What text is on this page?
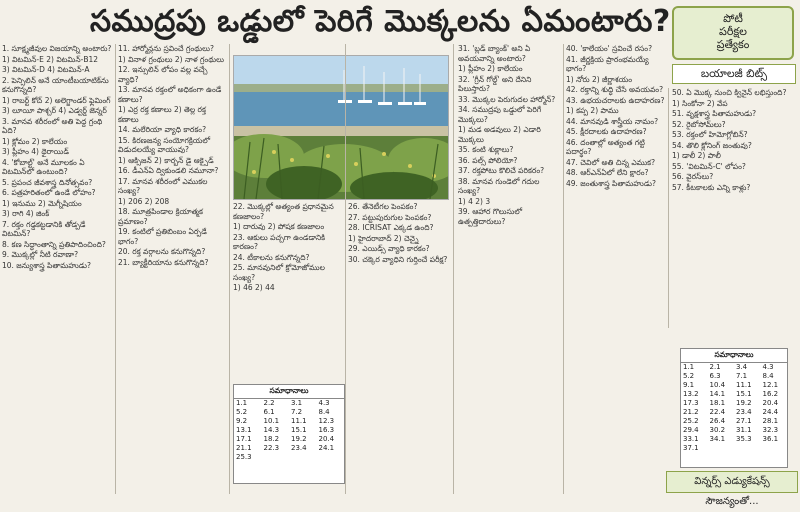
సముద్రపు ఒడ్డులో పెరిగే మొక్కలను ఏమంటారు?	పోటీ
పరీక్షల
ప్రత్యేకం
బయాలజీ బిట్స్

1. సూక్ష్మజీవుల విజయాన్ని అంటారు?

1) విటమిన్-E 2) విటమిన్-B12

3) విటమిన్-D 4) విటమిన్-A

2. పెన్సిలిన్ అనే యాంటీబయాటిక్‌ను కనుగొన్నది?

1) రాబర్ట్ కోచ్ 2) అలెగ్జాండర్ ఫ్లెమింగ్

3) లూయీ పాశ్చర్ 4) ఎడ్వర్డ్ జెన్నర్

3. మానవ శరీరంలో అతి పెద్ద గ్రంథి ఏది?

1) క్లోమం 2) కాలేయం

3) ప్లీహం 4) థైరాయిడ్

4. 'కోబాల్ట్' అనే మూలకం ఏ విటమిన్‌లో ఉంటుంది?

5. ప్రపంచ జీవశాస్త్ర దినోత్సవం?

6. పత్రహరితంలో ఉండే లోహం?

1) ఇనుము 2) మెగ్నీషియం

3) రాగి 4) జింక్

7. రక్తం గడ్డకట్టడానికి తోడ్పడే విటమిన్?

8. కణ సిద్ధాంతాన్ని ప్రతిపాదించింది?

9. మొక్కల్లో నీటి రవాణా?

10. జన్యుశాస్త్ర పితామహుడు?

11. హార్మోన్లను స్రవించే గ్రంథులు?

1) వినాళ గ్రంథులు 2) నాళ గ్రంథులు

12. ఇన్సులిన్ లోపం వల్ల వచ్చే వ్యాధి?

13. మానవ రక్తంలో అధికంగా ఉండే కణాలు?

1) ఎర్ర రక్త కణాలు 2) తెల్ల రక్త కణాలు

14. మలేరియా వ్యాధి కారకం?

15. కిరణజన్య సంయోగక్రియలో విడుదలయ్యే వాయువు?

1) ఆక్సిజన్ 2) కార్బన్ డై ఆక్సైడ్

16. డీఎన్ఏ ద్వికుండలి నమూనా?

17. మానవ శరీరంలో ఎముకల సంఖ్య?

1) 206 2) 208

18. మూత్రపిండాల క్రియాత్మక ప్రమాణం?

19. కంటిలో ప్రతిబింబం ఏర్పడే భాగం?

20. రక్త వర్గాలను కనుగొన్నది?

21. బ్యాక్టీరియాను కనుగొన్నది?

22. మొక్కల్లో అత్యంత ప్రధానమైన కణజాలం?

1) దారువు 2) పోషక కణజాలం

23. ఆకులు పచ్చగా ఉండడానికి కారణం?

24. టీకాలను కనుగొన్నది?

25. మానవునిలో క్రోమోజోముల సంఖ్య?

1) 46 2) 44

31. 'బ్లడ్ బ్యాంక్' అని ఏ అవయవాన్ని అంటారు?

1) ప్లీహం 2) కాలేయం

32. 'గ్రీన్ గోల్డ్' అని దేనిని పిలుస్తారు?

33. మొక్కల పెరుగుదల హార్మోన్?

34. సముద్రపు ఒడ్డులో పెరిగే మొక్కలు?

1) మడ అడవులు 2) ఎడారి మొక్కలు

35. కంటి శుక్లాలు?

36. పల్స్ పోలియో?

37. రక్తపోటు కొలిచే పరికరం?

38. మానవ గుండెలో గదుల సంఖ్య?

1) 4 2) 3

39. ఆహార గొలుసులో ఉత్పత్తిదారులు?

40. 'కాలేయం' స్రవించే రసం?

41. జీర్ణక్రియ ప్రారంభమయ్యే భాగం?

1) నోరు 2) జీర్ణాశయం

42. రక్తాన్ని శుద్ధి చేసే అవయవం?

43. ఉభయచరాలకు ఉదాహరణ?

1) కప్ప 2) పాము

44. మానవుడి శాస్త్రీయ నామం?

45. క్షీరదాలకు ఉదాహరణ?

46. దంతాల్లో అత్యంత గట్టి పదార్థం?

47. చెవిలో అతి చిన్న ఎముక?

48. ఆర్ఎన్ఏలో లేని క్షారం?

49. జంతుశాస్త్ర పితామహుడు?

50. ఏ మొక్క నుంచి క్వినైన్ లభిస్తుంది?

1) సింకోనా 2) వేప

51. వృక్షశాస్త్ర పితామహుడు?

52. రైబోసోమ్‌లు?

53. రక్తంలో హిమోగ్లోబిన్?

54. తొలి క్లోనింగ్ జంతువు?

1) డాలీ 2) పాలీ

55. 'విటమిన్-C' లోపం?

56. వైరస్‌లు?

57. కీటకాలకు ఎన్ని కాళ్లు?

26. తేనెటీగల పెంపకం?

27. పట్టుపురుగుల పెంపకం?

28. ICRISAT ఎక్కడ ఉంది?

1) హైదరాబాద్ 2) చెన్నై

29. ఎయిడ్స్ వ్యాధి కారకం?

30. చక్కెర వ్యాధిని గుర్తించే పరీక్ష?

సమాధానాలు
1.1	2.2	3.1	4.3
5.2	6.1	7.2	8.4
9.2	10.1	11.1	12.3
13.1	14.3	15.1	16.3
17.1	18.2	19.2	20.4
21.1	22.3	23.4	24.1
25.3			
సమాధానాలు
1.1	2.1	3.4	4.3
5.2	6.3	7.1	8.4
9.1	10.4	11.1	12.1
13.2	14.1	15.1	16.2
17.3	18.1	19.2	20.4
21.2	22.4	23.4	24.4
25.2	26.4	27.1	28.1
29.4	30.2	31.1	32.3
33.1	34.1	35.3	36.1
37.1			
విన్నర్స్ ఎడ్యుకేషన్స్ సౌజన్యంతో...
